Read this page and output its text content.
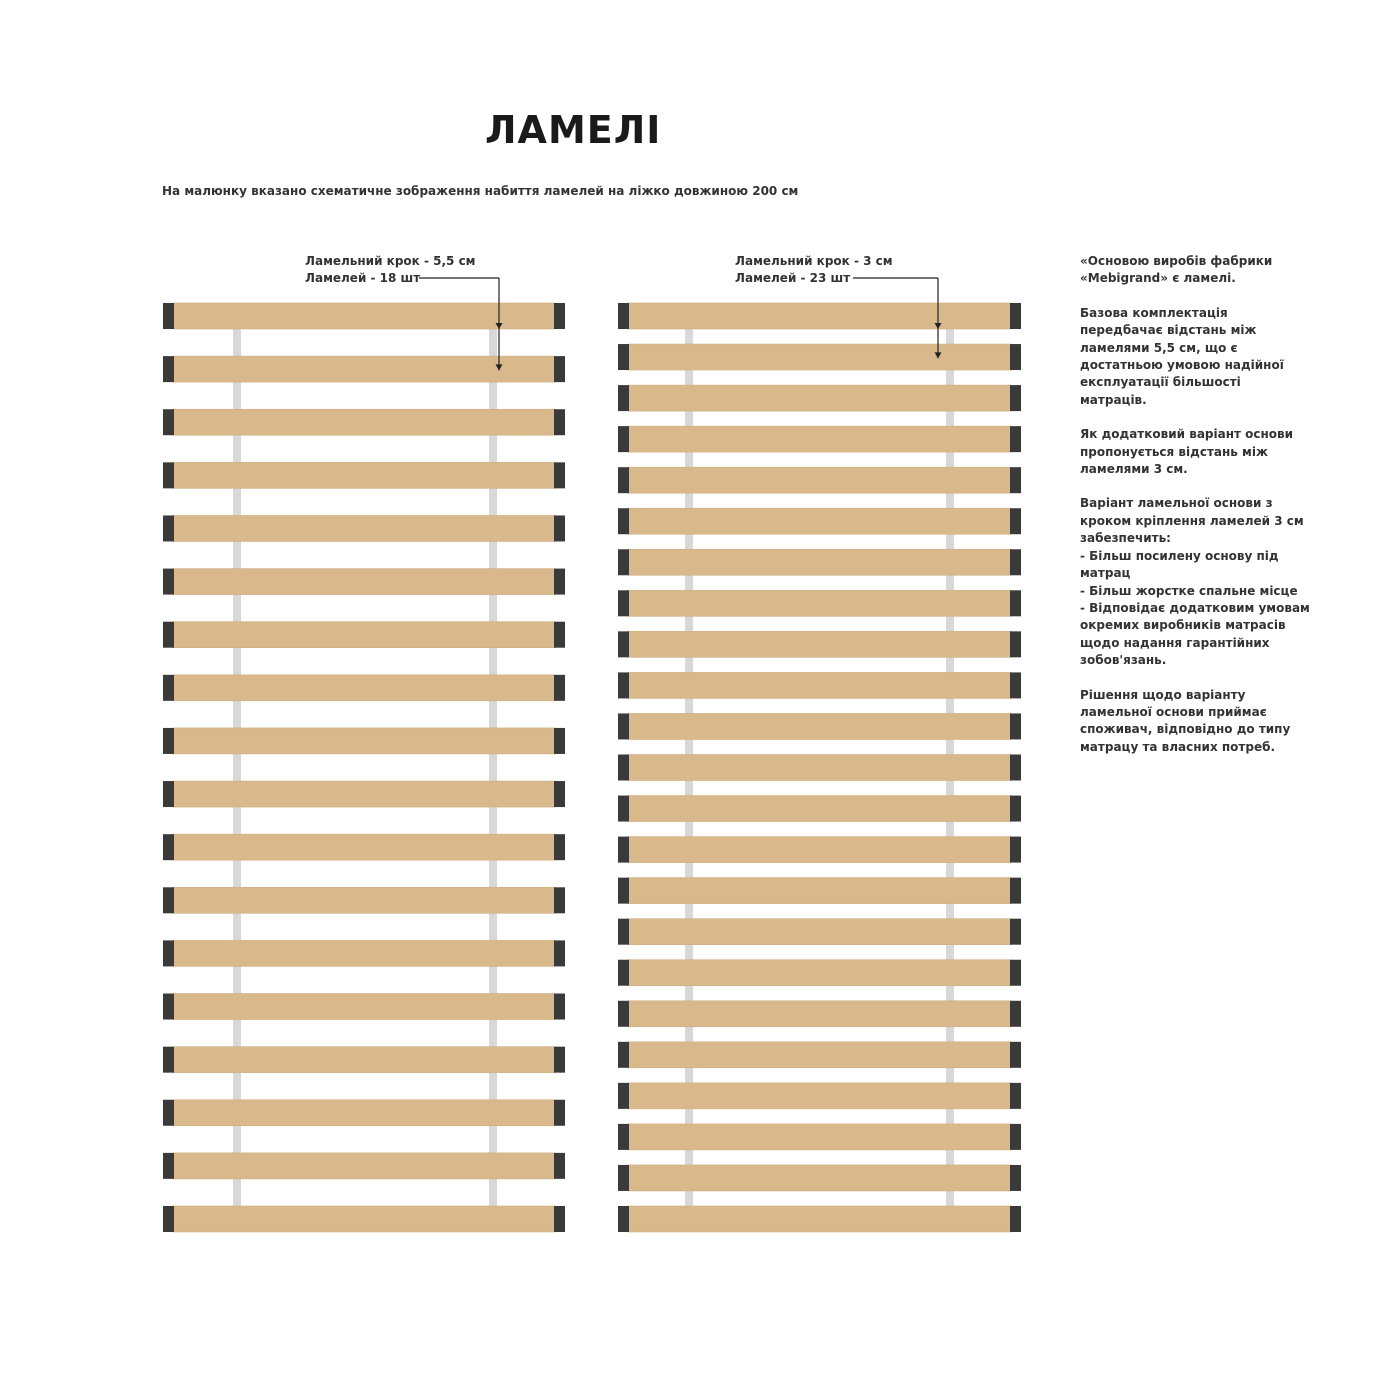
ЛАМЕЛІ
На малюнку вказано схематичне зображення набиття ламелей на ліжко довжиною 200 см
Ламельний крок - 5,5 см
Ламелей - 18 шт
Ламельний крок - 3 см
Ламелей - 23 шт

«Основою виробів фабрики «Mebigrand» є ламелі.

Базова комплектація передбачає відстань між ламелями 5,5 см, що є достатньою умовою надійної експлуатації більшості матраців.

Як додатковий варіант основи пропонується відстань між ламелями 3 см.

Варіант ламельної основи з кроком кріплення ламелей 3 см забезпечить:
- Більш посилену основу під матрац
- Більш жорстке спальне місце
- Відповідає додатковим умовам окремих виробників матрасів щодо надання гарантійних зобов'язань.

Рішення щодо варіанту ламельної основи приймає споживач, відповідно до типу матрацу та власних потреб.
